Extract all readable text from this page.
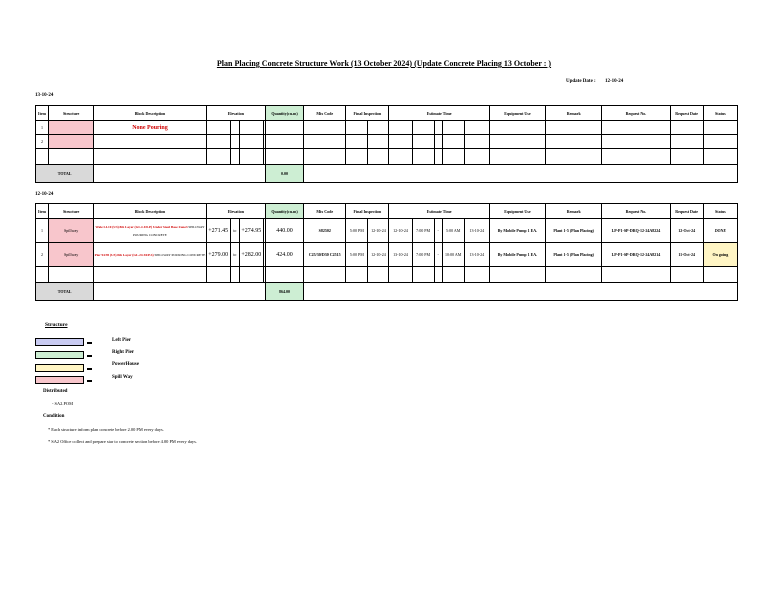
Plan Placing Concrete Structure Work (13 October 2024) (Update Concrete Placing 13 October : )
Update Date : 12-10-24
13-10-24
Item	Structure	Block Description	Elevation				Quantity(cu.m)	Mix Code	Final Inspection		Estimate Time					Equipment Use	Remark	Request No.	Request Date	Status
1		None Pouring																		
2																				

TOTAL							0.00													
12-10-24
Item	Structure	Block Description	Elevation				Quantity(cu.m)	Mix Code	Final Inspection		Estimate Time					Equipment Use	Remark	Request No.	Request Date	Status
1	Spillway	Wale LL10 (U3) 8th Layer (GL.LU8-P) Under Steel Base Zone3 SPILLWAY POURING CONCRETE	+271.45	to	+274.95		440.00	S82502	5:00 PM	12-10-24	12-10-24	7:00 PM	-	5:00 AM	13-10-24	By Mobile Pump 1 EA.	Plant 1-5 (Plan Placing)	LP-P1-SP-DRQ-12-24A8224	12-Oct-24	DONE
2	Spillway	Pier 94/95 (U3) 8th Layer (GL.24-94/P.S) SPILLWAY POURING CONCRETE	+279.00	to	+282.00		424.00	C25/30/D30 C2515	5:00 PM	12-10-24	13-10-24	7:00 PM	-	10:00 AM	13-10-24	By Mobile Pump 1 EA.	Plant 1-5 (Plan Placing)	LP-P1-SP-DRQ-12-24A8214	11-Oct-24	On going

TOTAL							864.00													
Structure
Left Pier
Right Pier
PowerHouse
Spill Way
Distributed
- SA2.POM
Condition
* Each structure inform plan concrete before 2.00 PM every days.
* SA2 Office collect and prepare star to concrete section before 4.00 PM every days.
